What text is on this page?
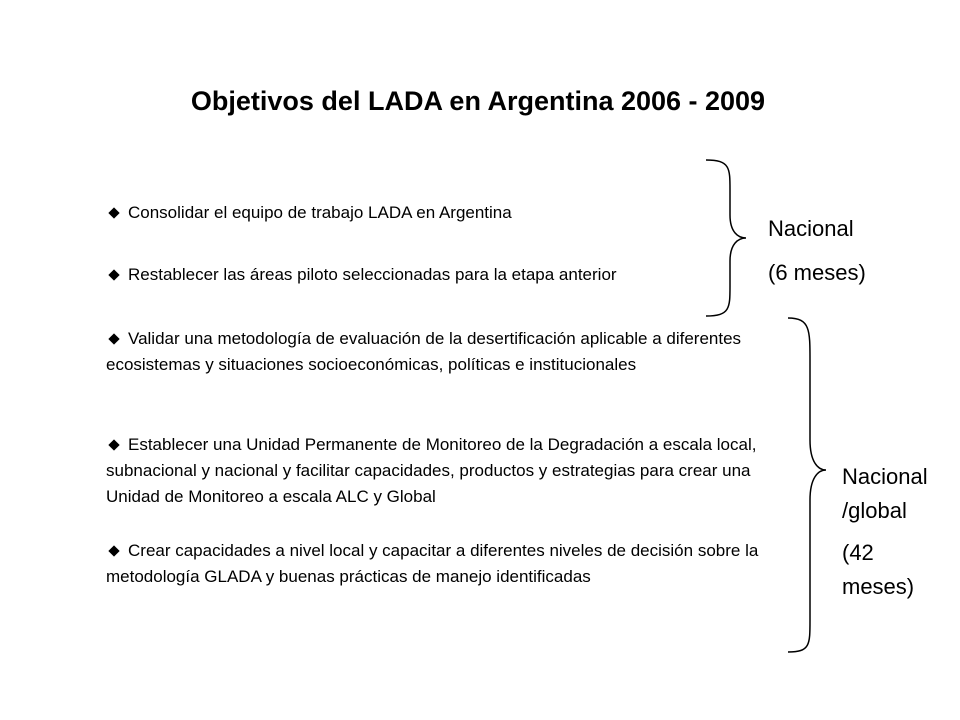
Objetivos del LADA en Argentina 2006 - 2009
Consolidar el equipo de trabajo LADA en Argentina
Restablecer las áreas piloto seleccionadas para la etapa anterior
Validar una metodología de evaluación de la desertificación aplicable a diferentes ecosistemas y situaciones socioeconómicas, políticas e institucionales
Establecer una Unidad Permanente de Monitoreo de la Degradación a escala local, subnacional y nacional y facilitar capacidades, productos y estrategias para crear una Unidad de Monitoreo a escala ALC y Global
Crear capacidades a nivel local y capacitar a diferentes niveles de decisión sobre la metodología GLADA y buenas prácticas de manejo identificadas
Nacional
(6 meses)
Nacional
/global
(42
meses)
